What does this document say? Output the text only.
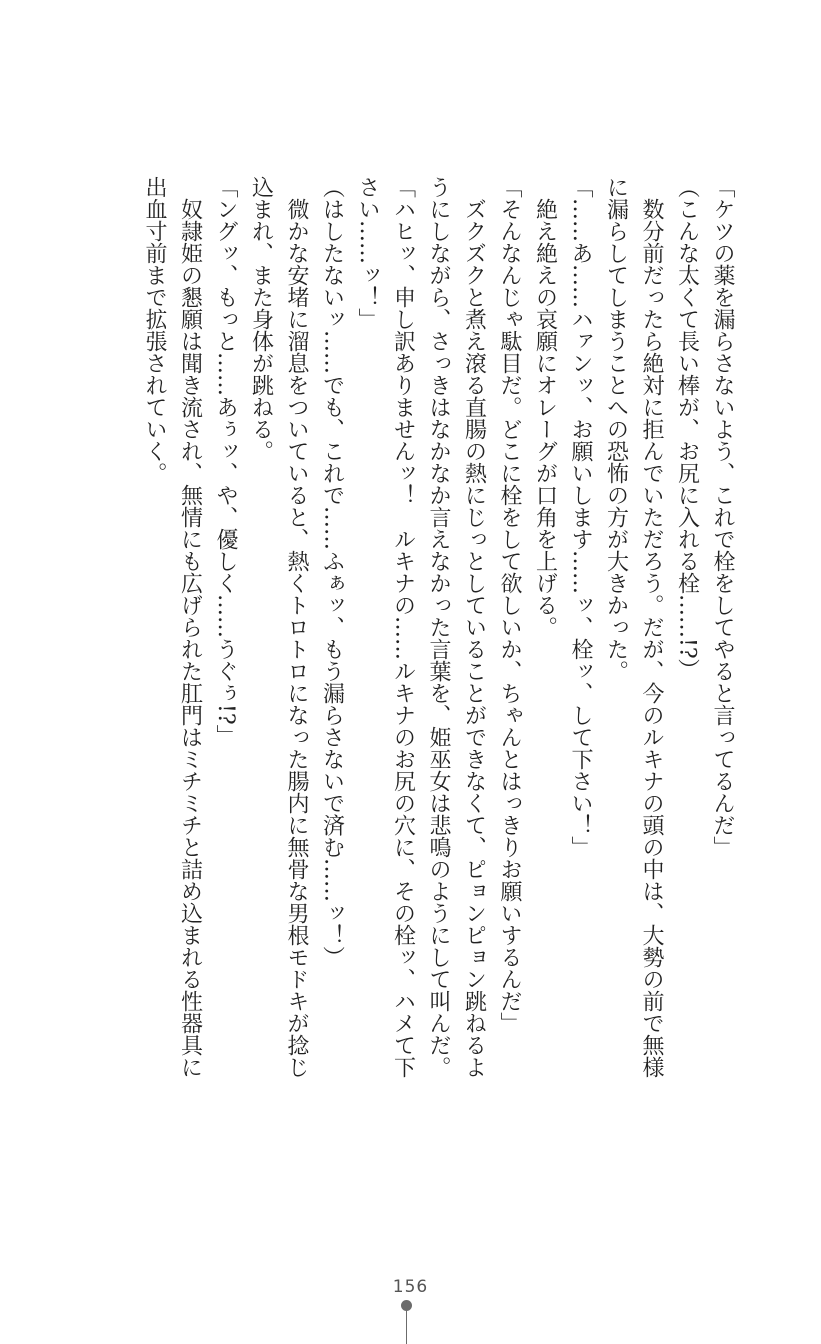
「ケツの薬を漏らさないよう、これで栓をしてやると言ってるんだ」

（こんな太くて長い棒が、お尻に入れる栓……!?）

　数分前だったら絶対に拒んでいただろう。だが、今のルキナの頭の中は、大勢の前で無様に漏らしてしまうことへの恐怖の方が大きかった。

「……あ……ハァンッ、お願いします……ッ、栓ッ、して下さい！」

　絶え絶えの哀願にオレーグが口角を上げる。

「そんなんじゃ駄目だ。どこに栓をして欲しいか、ちゃんとはっきりお願いするんだ」

　ズクズクと煮え滾る直腸の熱にじっとしていることができなくて、ピョンピョン跳ねるようにしながら、さっきはなかなか言えなかった言葉を、姫巫女は悲鳴のようにして叫んだ。

「ハヒッ、申し訳ありませんッ！　ルキナの……ルキナのお尻の穴に、その栓ッ、ハメて下さい……ッ！」

（はしたないッ……でも、これで……ふぁッ、もう漏らさないで済む……ッ！）

　微かな安堵に溜息をついていると、熱くトロトロになった腸内に無骨な男根モドキが捻じ込まれ、また身体が跳ねる。

「ングッ、もっと……あぅッ、や、優しく……うぐぅ!?」

　奴隷姫の懇願は聞き流され、無情にも広げられた肛門はミチミチと詰め込まれる性器具に出血寸前まで拡張されていく。

156
